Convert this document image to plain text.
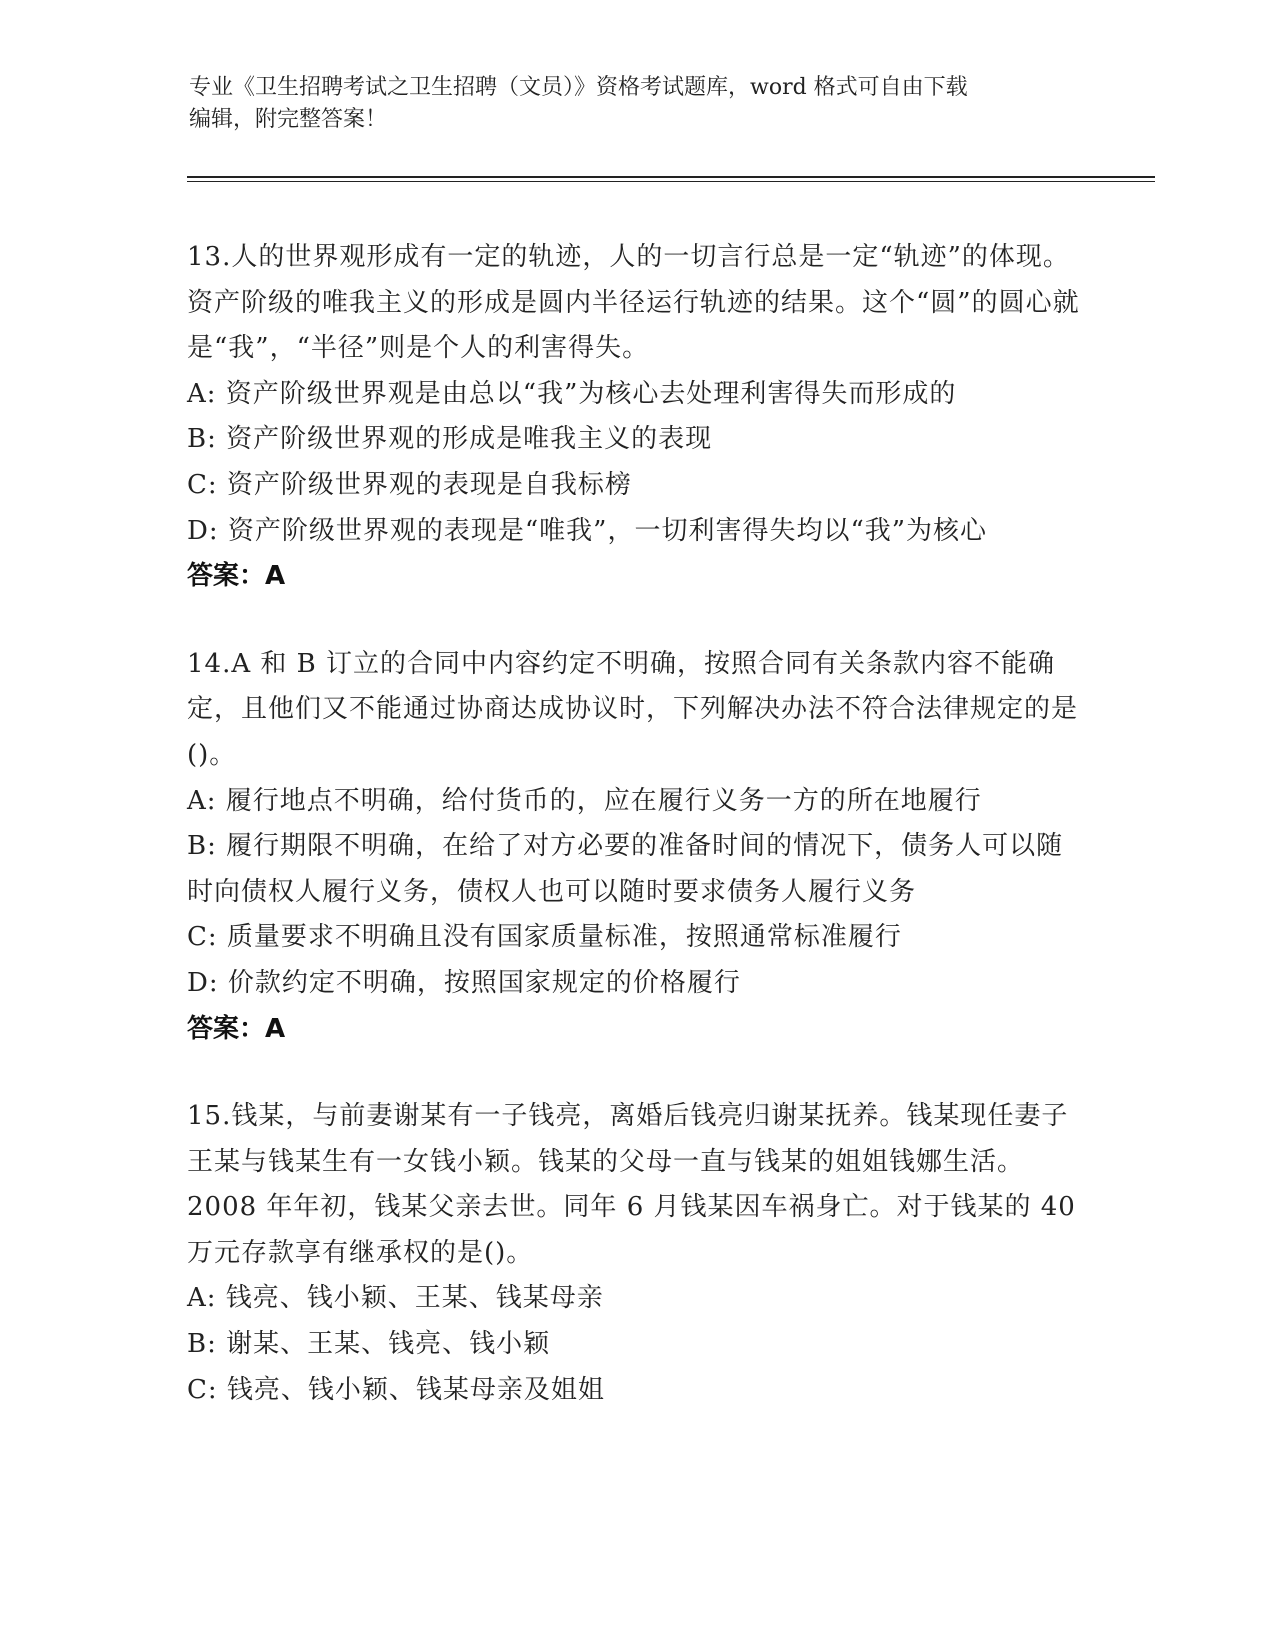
专业《卫生招聘考试之卫生招聘（文员）》资格考试题库，word 格式可自由下载
编辑，附完整答案！

13.人的世界观形成有一定的轨迹，人的一切言行总是一定“轨迹”的体现。资产阶级的唯我主义的形成是圆内半径运行轨迹的结果。这个“圆”的圆心就是“我”，“半径”则是个人的利害得失。

A: 资产阶级世界观是由总以“我”为核心去处理利害得失而形成的

B: 资产阶级世界观的形成是唯我主义的表现

C: 资产阶级世界观的表现是自我标榜

D: 资产阶级世界观的表现是“唯我”，一切利害得失均以“我”为核心

答案：A

14.A 和 B 订立的合同中内容约定不明确，按照合同有关条款内容不能确定，且他们又不能通过协商达成协议时，下列解决办法不符合法律规定的是()。

A: 履行地点不明确，给付货币的，应在履行义务一方的所在地履行

B: 履行期限不明确，在给了对方必要的准备时间的情况下，债务人可以随时向债权人履行义务，债权人也可以随时要求债务人履行义务

C: 质量要求不明确且没有国家质量标准，按照通常标准履行

D: 价款约定不明确，按照国家规定的价格履行

答案：A

15.钱某，与前妻谢某有一子钱亮，离婚后钱亮归谢某抚养。钱某现任妻子王某与钱某生有一女钱小颖。钱某的父母一直与钱某的姐姐钱娜生活。2008 年年初，钱某父亲去世。同年 6 月钱某因车祸身亡。对于钱某的 40 万元存款享有继承权的是()。

A: 钱亮、钱小颖、王某、钱某母亲

B: 谢某、王某、钱亮、钱小颖

C: 钱亮、钱小颖、钱某母亲及姐姐
